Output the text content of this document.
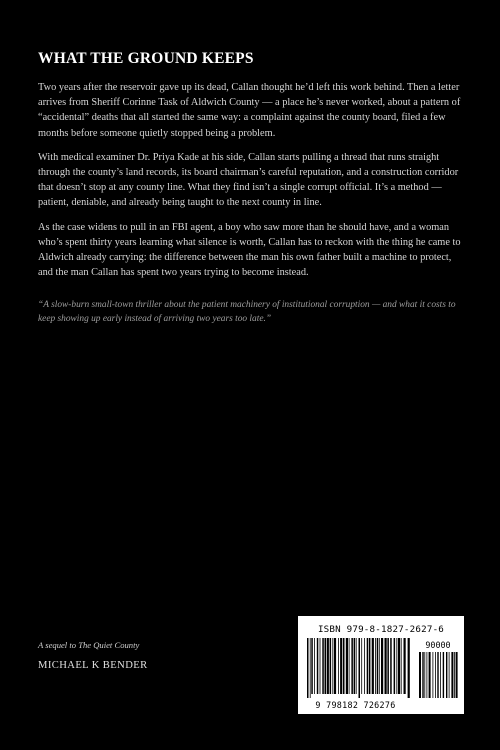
WHAT THE GROUND KEEPS

Two years after the reservoir gave up its dead, Callan thought he’d left this work behind. Then a letter arrives from Sheriff Corinne Task of Aldwich County — a place he’s never worked, about a pattern of “accidental” deaths that all started the same way: a complaint against the county board, filed a few months before someone quietly stopped being a problem.

With medical examiner Dr. Priya Kade at his side, Callan starts pulling a thread that runs straight through the county’s land records, its board chairman’s careful reputation, and a construction corridor that doesn’t stop at any county line. What they find isn’t a single corrupt official. It’s a method — patient, deniable, and already being taught to the next county in line.

As the case widens to pull in an FBI agent, a boy who saw more than he should have, and a woman who’s spent thirty years learning what silence is worth, Callan has to reckon with the thing he came to Aldwich already carrying: the difference between the man his own father built a machine to protect, and the man Callan has spent two years trying to become instead.

“A slow-burn small-town thriller about the patient machinery of institutional corruption — and what it costs to keep showing up early instead of arriving two years too late.”

A sequel to The Quiet County

MICHAEL K BENDER

ISBN 979-8-1827-2627-6
9 798182 726276
90000
